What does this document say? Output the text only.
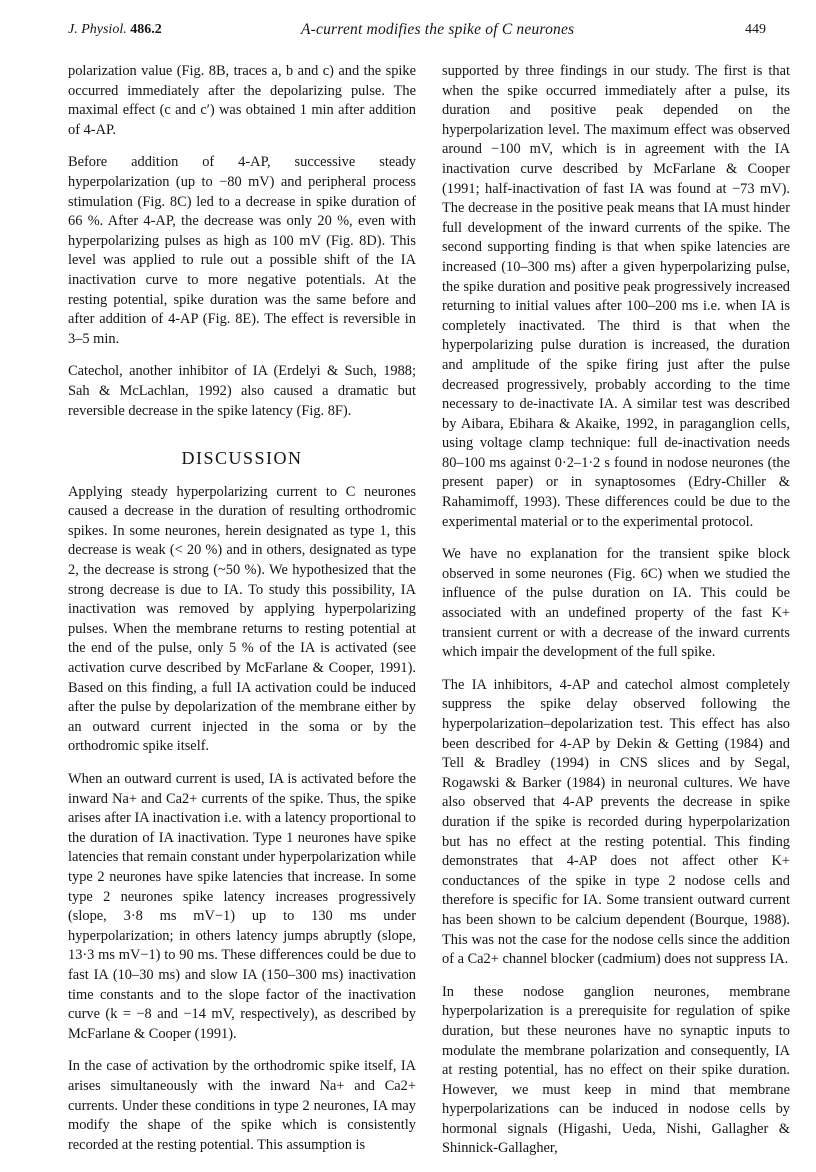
J. Physiol. 486.2	A-current modifies the spike of C neurones	449

polarization value (Fig. 8B, traces a, b and c) and the spike occurred immediately after the depolarizing pulse. The maximal effect (c and c′) was obtained 1 min after addition of 4-AP.

Before addition of 4-AP, successive steady hyperpolarization (up to −80 mV) and peripheral process stimulation (Fig. 8C) led to a decrease in spike duration of 66 %. After 4-AP, the decrease was only 20 %, even with hyperpolarizing pulses as high as 100 mV (Fig. 8D). This level was applied to rule out a possible shift of the IA inactivation curve to more negative potentials. At the resting potential, spike duration was the same before and after addition of 4-AP (Fig. 8E). The effect is reversible in 3–5 min.

Catechol, another inhibitor of IA (Erdelyi & Such, 1988; Sah & McLachlan, 1992) also caused a dramatic but reversible decrease in the spike latency (Fig. 8F).

DISCUSSION

Applying steady hyperpolarizing current to C neurones caused a decrease in the duration of resulting orthodromic spikes. In some neurones, herein designated as type 1, this decrease is weak (< 20 %) and in others, designated as type 2, the decrease is strong (~50 %). We hypothesized that the strong decrease is due to IA. To study this possibility, IA inactivation was removed by applying hyperpolarizing pulses. When the membrane returns to resting potential at the end of the pulse, only 5 % of the IA is activated (see activation curve described by McFarlane & Cooper, 1991). Based on this finding, a full IA activation could be induced after the pulse by depolarization of the membrane either by an outward current injected in the soma or by the orthodromic spike itself.

When an outward current is used, IA is activated before the inward Na+ and Ca2+ currents of the spike. Thus, the spike arises after IA inactivation i.e. with a latency proportional to the duration of IA inactivation. Type 1 neurones have spike latencies that remain constant under hyperpolarization while type 2 neurones have spike latencies that increase. In some type 2 neurones spike latency increases progressively (slope, 3·8 ms mV−1) up to 130 ms under hyperpolarization; in others latency jumps abruptly (slope, 13·3 ms mV−1) to 90 ms. These differences could be due to fast IA (10–30 ms) and slow IA (150–300 ms) inactivation time constants and to the slope factor of the inactivation curve (k = −8 and −14 mV, respectively), as described by McFarlane & Cooper (1991).

In the case of activation by the orthodromic spike itself, IA arises simultaneously with the inward Na+ and Ca2+ currents. Under these conditions in type 2 neurones, IA may modify the shape of the spike which is consistently recorded at the resting potential. This assumption is

supported by three findings in our study. The first is that when the spike occurred immediately after a pulse, its duration and positive peak depended on the hyperpolarization level. The maximum effect was observed around −100 mV, which is in agreement with the IA inactivation curve described by McFarlane & Cooper (1991; half-inactivation of fast IA was found at −73 mV). The decrease in the positive peak means that IA must hinder full development of the inward currents of the spike. The second supporting finding is that when spike latencies are increased (10–300 ms) after a given hyperpolarizing pulse, the spike duration and positive peak progressively increased returning to initial values after 100–200 ms i.e. when IA is completely inactivated. The third is that when the hyperpolarizing pulse duration is increased, the duration and amplitude of the spike firing just after the pulse decreased progressively, probably according to the time necessary to de-inactivate IA. A similar test was described by Aibara, Ebihara & Akaike, 1992, in paraganglion cells, using voltage clamp technique: full de-inactivation needs 80–100 ms against 0·2–1·2 s found in nodose neurones (the present paper) or in synaptosomes (Edry-Chiller & Rahamimoff, 1993). These differences could be due to the experimental material or to the experimental protocol.

We have no explanation for the transient spike block observed in some neurones (Fig. 6C) when we studied the influence of the pulse duration on IA. This could be associated with an undefined property of the fast K+ transient current or with a decrease of the inward currents which impair the development of the full spike.

The IA inhibitors, 4-AP and catechol almost completely suppress the spike delay observed following the hyperpolarization–depolarization test. This effect has also been described for 4-AP by Dekin & Getting (1984) and Tell & Bradley (1994) in CNS slices and by Segal, Rogawski & Barker (1984) in neuronal cultures. We have also observed that 4-AP prevents the decrease in spike duration if the spike is recorded during hyperpolarization but has no effect at the resting potential. This finding demonstrates that 4-AP does not affect other K+ conductances of the spike in type 2 nodose cells and therefore is specific for IA. Some transient outward current has been shown to be calcium dependent (Bourque, 1988). This was not the case for the nodose cells since the addition of a Ca2+ channel blocker (cadmium) does not suppress IA.

In these nodose ganglion neurones, membrane hyperpolarization is a prerequisite for regulation of spike duration, but these neurones have no synaptic inputs to modulate the membrane polarization and consequently, IA at resting potential, has no effect on their spike duration. However, we must keep in mind that membrane hyperpolarizations can be induced in nodose cells by hormonal signals (Higashi, Ueda, Nishi, Gallagher & Shinnick-Gallagher,
